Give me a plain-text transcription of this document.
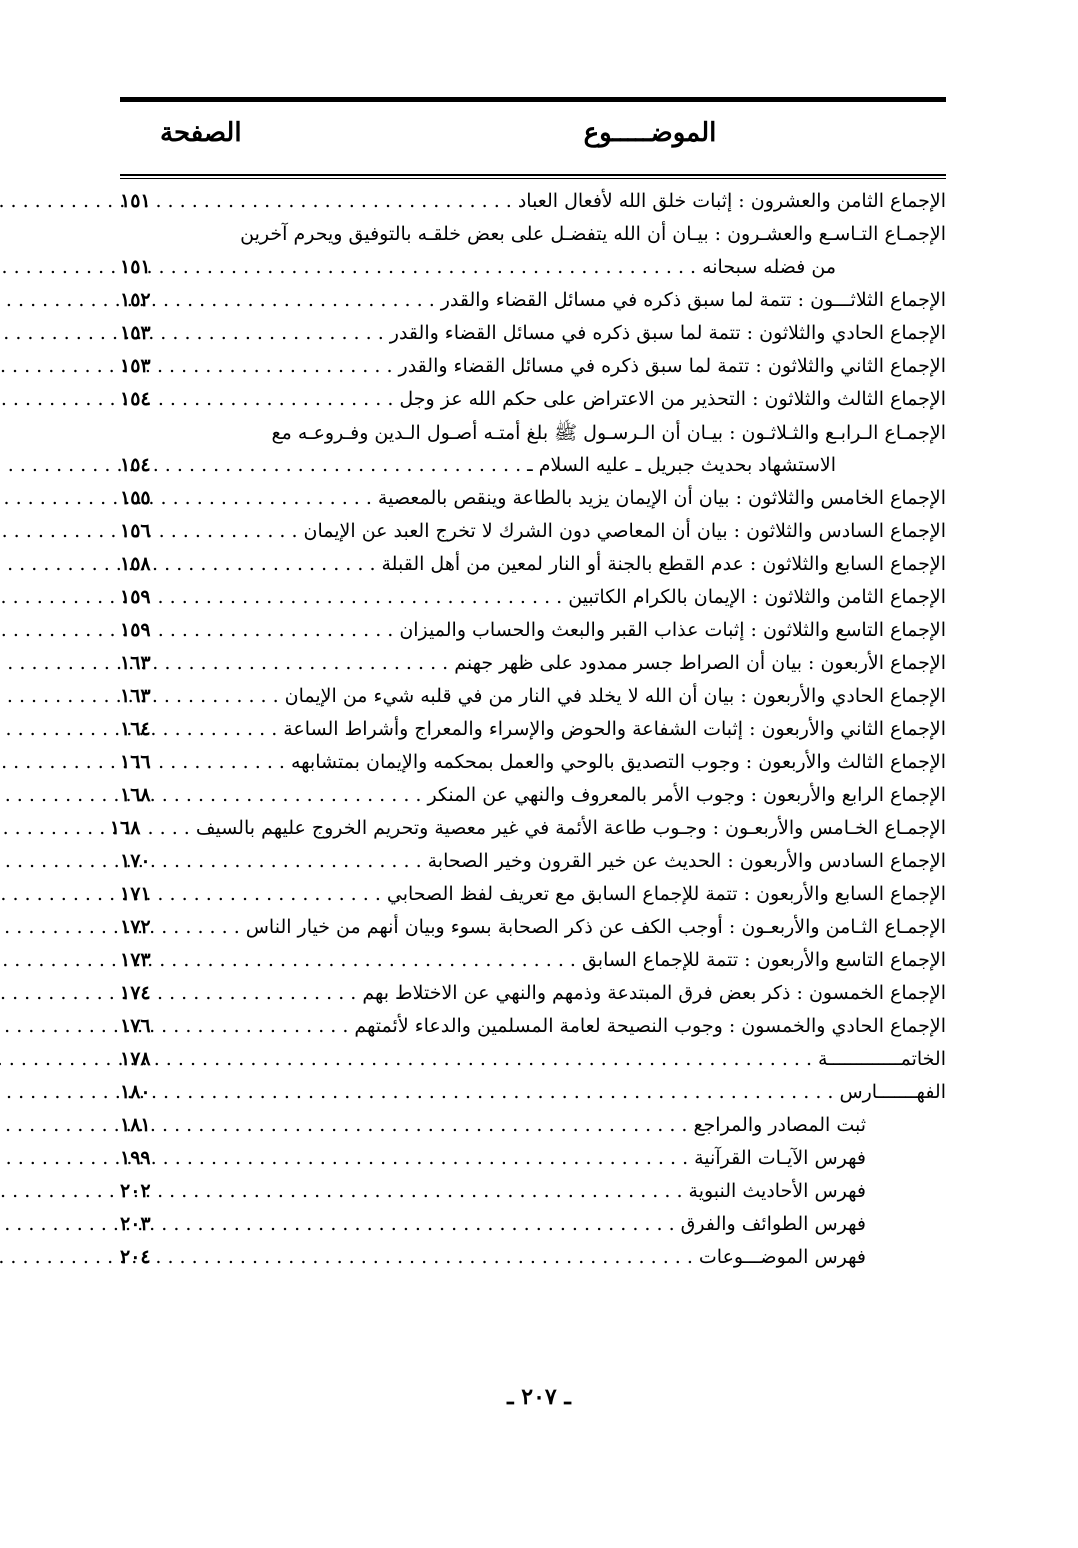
الموضـــــوع
الصفحة
الإجماع الثامن والعشرون : إثبات خلق الله لأفعال العباد
. . .
١٥١
الإجمـاع التـاسـع والعشـرون : بيـان أن الله يتفضـل على بعض خلقـه بالتوفيق ويحرم آخرين
من فضله سبحانه
. . .
١٥١
الإجماع الثلاثـــون : تتمة لما سبق ذكره في مسائل القضاء والقدر
. . .
١٥٢
الإجماع الحادي والثلاثون : تتمة لما سبق ذكره في مسائل القضاء والقدر
. . .
١٥٣
الإجماع الثاني والثلاثون : تتمة لما سبق ذكره في مسائل القضاء والقدر
. . .
١٥٣
الإجماع الثالث والثلاثون : التحذير من الاعتراض على حكم الله عز وجل
. . .
١٥٤
الإجمـاع الـرابـع والثـلاثـون : بيـان أن الـرسـول ﷺ بلغ أمتـه أصـول الـدين وفـروعـه مع
الاستشهاد بحديث جبريل ـ عليه السلام ـ
. . .
١٥٤
الإجماع الخامس والثلاثون : بيان أن الإيمان يزيد بالطاعة وينقص بالمعصية
. . .
١٥٥
الإجماع السادس والثلاثون : بيان أن المعاصي دون الشرك لا تخرج العبد عن الإيمان
. . .
١٥٦
الإجماع السابع والثلاثون : عدم القطع بالجنة أو النار لمعين من أهل القبلة
. . .
١٥٨
الإجماع الثامن والثلاثون : الإيمان بالكرام الكاتبين
. . .
١٥٩
الإجماع التاسع والثلاثون : إثبات عذاب القبر والبعث والحساب والميزان
. . .
١٥٩
الإجماع الأربعون : بيان أن الصراط جسر ممدود على ظهر جهنم
. . .
١٦٣
الإجماع الحادي والأربعون : بيان أن الله لا يخلد في النار من في قلبه شيء من الإيمان
. . .
١٦٣
الإجماع الثاني والأربعون : إثبات الشفاعة والحوض والإسراء والمعراج وأشراط الساعة
. . .
١٦٤
الإجماع الثالث والأربعون : وجوب التصديق بالوحي والعمل بمحكمه والإيمان بمتشابهه
. . .
١٦٦
الإجماع الرابع والأربعون : وجوب الأمر بالمعروف والنهي عن المنكر
. . .
١٦٨
الإجمـاع الخـامس والأربعـون : وجـوب طاعة الأئمة في غير معصية وتحريم الخروج عليهم بالسيف
. . .
١٦٨
الإجماع السادس والأربعون : الحديث عن خير القرون وخير الصحابة
. . .
١٧٠
الإجماع السابع والأربعون : تتمة للإجماع السابق مع تعريف لفظ الصحابي
. . .
١٧١
الإجمـاع الثـامن والأربعـون : أوجب الكف عن ذكر الصحابة بسوء وبيان أنهم من خيار الناس
. . .
١٧٢
الإجماع التاسع والأربعون : تتمة للإجماع السابق
. . .
١٧٣
الإجماع الخمسون : ذكر بعض فرق المبتدعة وذمهم والنهي عن الاختلاط بهم
. . .
١٧٤
الإجماع الحادي والخمسون : وجوب النصيحة لعامة المسلمين والدعاء لأئمتهم
. . .
١٧٦
الخاتمـــــــــــــة
. . .
١٧٨
الفهـــــــارس
. . .
١٨٠
ثبت المصادر والمراجع
. . .
١٨١
فهرس الآيـات القرآنية
. . .
١٩٩
فهرس الأحاديث النبوية
. . .
٢٠٢
فهرس الطوائف والفرق
. . .
٢٠٣
فهرس الموضـــوعات
. . .
٢٠٤
ـ ٢٠٧ ـ
